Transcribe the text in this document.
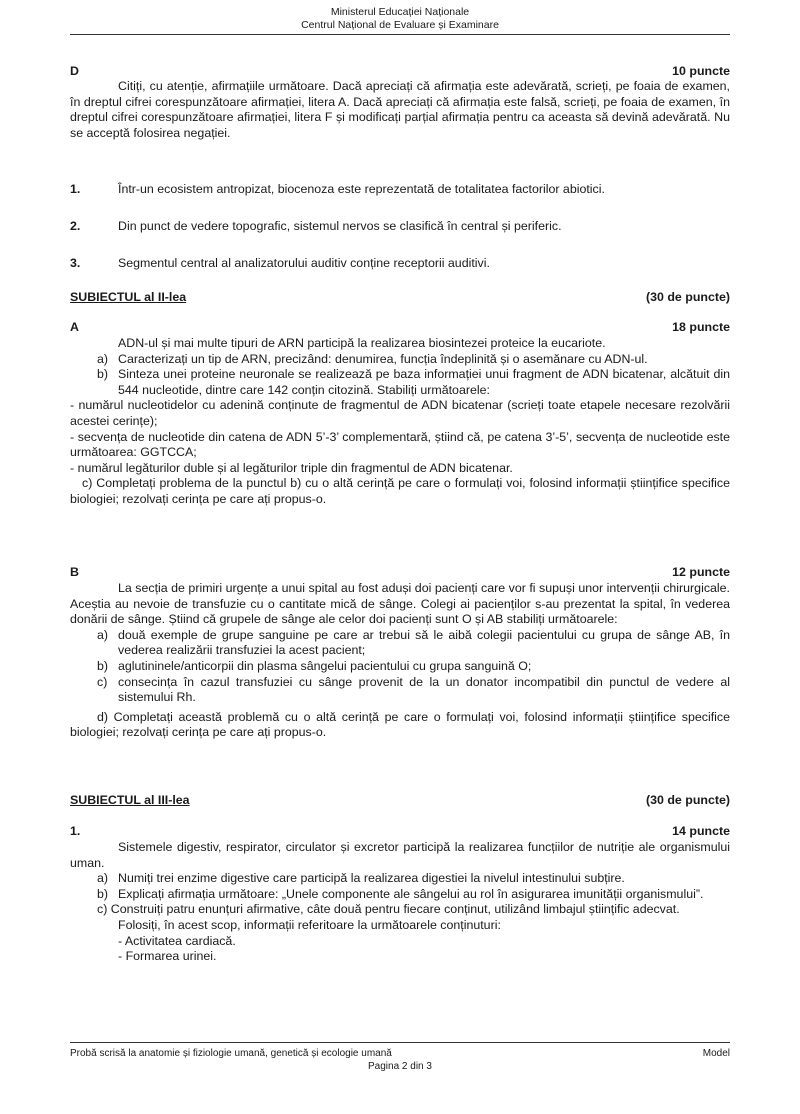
Ministerul Educației Naționale
Centrul Național de Evaluare și Examinare
D	10 puncte

Citiți, cu atenție, afirmațiile următoare. Dacă apreciați că afirmația este adevărată, scrieți, pe foaia de examen, în dreptul cifrei corespunzătoare afirmației, litera A. Dacă apreciați că afirmația este falsă, scrieți, pe foaia de examen, în dreptul cifrei corespunzătoare afirmației, litera F și modificați parțial afirmația pentru ca aceasta să devină adevărată. Nu se acceptă folosirea negației.

1.	Într-un ecosistem antropizat, biocenoza este reprezentată de totalitatea factorilor abiotici.
2.	Din punct de vedere topografic, sistemul nervos se clasifică în central și periferic.
3.	Segmentul central al analizatorului auditiv conține receptorii auditivi.
SUBIECTUL al II-lea	(30 de puncte)
A	18 puncte

ADN-ul și mai multe tipuri de ARN participă la realizarea biosintezei proteice la eucariote.

a) Caracterizați un tip de ARN, precizând: denumirea, funcția îndeplinită și o asemănare cu ADN-ul.
b) Sinteza unei proteine neuronale se realizează pe baza informației unui fragment de ADN bicatenar, alcătuit din 544 nucleotide, dintre care 142 conțin citozină. Stabiliți următoarele:

- numărul nucleotidelor cu adenină conținute de fragmentul de ADN bicatenar (scrieți toate etapele necesare rezolvării acestei cerințe);

- secvența de nucleotide din catena de ADN 5’-3’ complementară, știind că, pe catena 3’-5’, secvența de nucleotide este următoarea: GGTCCA;

- numărul legăturilor duble și al legăturilor triple din fragmentul de ADN bicatenar.

c) Completați problema de la punctul b) cu o altă cerință pe care o formulați voi, folosind informații științifice specifice biologiei; rezolvați cerința pe care ați propus-o.

B	12 puncte

La secția de primiri urgențe a unui spital au fost aduși doi pacienți care vor fi supuși unor intervenții chirurgicale. Aceștia au nevoie de transfuzie cu o cantitate mică de sânge. Colegi ai pacienților s-au prezentat la spital, în vederea donării de sânge. Știind că grupele de sânge ale celor doi pacienți sunt O și AB stabiliți următoarele:

a) două exemple de grupe sanguine pe care ar trebui să le aibă colegii pacientului cu grupa de sânge AB, în vederea realizării transfuziei la acest pacient;
b) aglutininele/anticorpii din plasma sângelui pacientului cu grupa sanguină O;
c) consecința în cazul transfuziei cu sânge provenit de la un donator incompatibil din punctul de vedere al sistemului Rh.

d) Completați această problemă cu o altă cerință pe care o formulați voi, folosind informații științifice specifice biologiei; rezolvați cerința pe care ați propus-o.

SUBIECTUL al III-lea	(30 de puncte)
1.	14 puncte

Sistemele digestiv, respirator, circulator și excretor participă la realizarea funcțiilor de nutriție ale organismului uman.

a) Numiți trei enzime digestive care participă la realizarea digestiei la nivelul intestinului subțire.
b) Explicați afirmația următoare: „Unele componente ale sângelui au rol în asigurarea imunității organismului”.

c) Construiți patru enunțuri afirmative, câte două pentru fiecare conținut, utilizând limbajul științific adecvat.

Folosiți, în acest scop, informații referitoare la următoarele conținuturi:

- Activitatea cardiacă.

- Formarea urinei.

Probă scrisă la anatomie și fiziologie umană, genetică și ecologie umană	Model
Pagina 2 din 3
